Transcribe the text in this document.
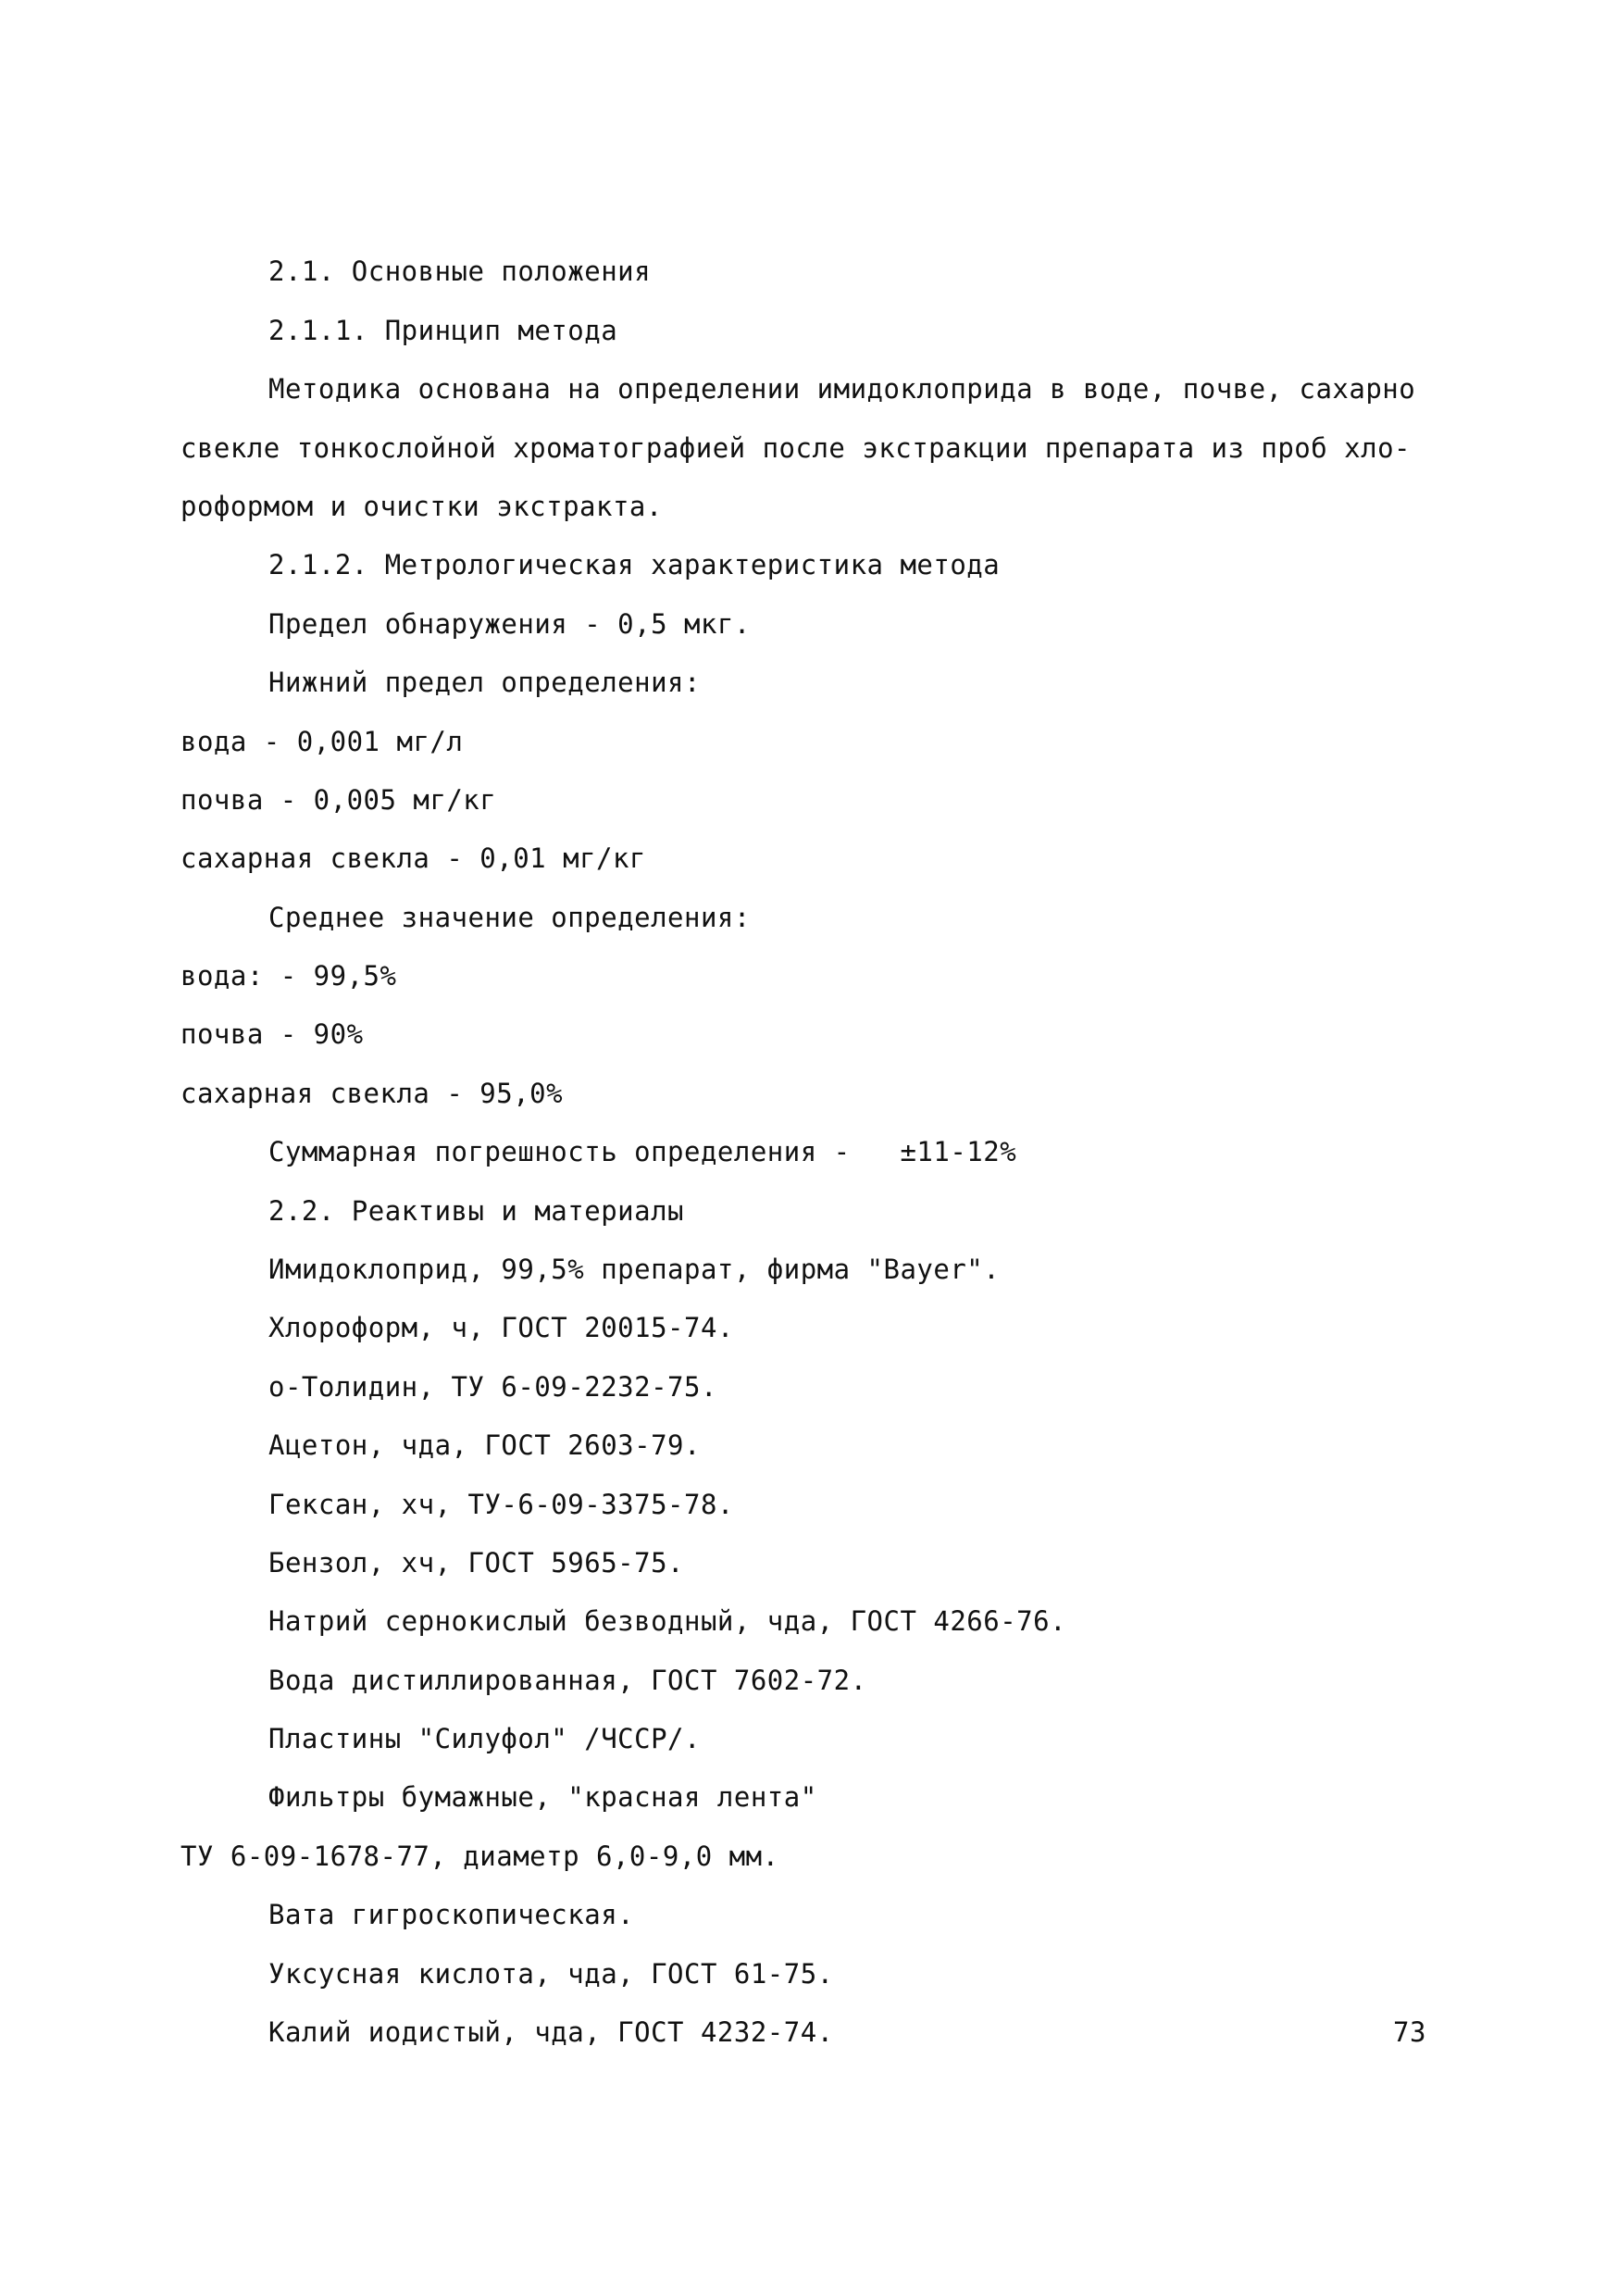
2.1. Основные положения

2.1.1. Принцип метода

Методика основана на определении имидоклоприда в воде, почве, сахарно

свекле тонкослойной хроматографией после экстракции препарата из проб хло-

роформом и очистки экстракта.

2.1.2. Метрологическая характеристика метода

Предел обнаружения - 0,5 мкг.

Нижний предел определения:

вода - 0,001 мг/л

почва - 0,005 мг/кг

сахарная свекла - 0,01 мг/кг

Среднее значение определения:

вода: - 99,5%

почва - 90%

сахарная свекла - 95,0%

Суммарная погрешность определения -   ±11-12%

2.2. Реактивы и материалы

Имидоклоприд, 99,5% препарат, фирма "Bayer".

Хлороформ, ч, ГОСТ 20015-74.

о-Толидин, ТУ 6-09-2232-75.

Ацетон, чда, ГОСТ 2603-79.

Гексан, хч, ТУ-6-09-3375-78.

Бензол, хч, ГОСТ 5965-75.

Натрий сернокислый безводный, чда, ГОСТ 4266-76.

Вода дистиллированная, ГОСТ 7602-72.

Пластины "Силуфол" /ЧССР/.

Фильтры бумажные, "красная лента"

ТУ 6-09-1678-77, диаметр 6,0-9,0 мм.

Вата гигроскопическая.

Уксусная кислота, чда, ГОСТ 61-75.

Калий иодистый, чда, ГОСТ 4232-74.	73
